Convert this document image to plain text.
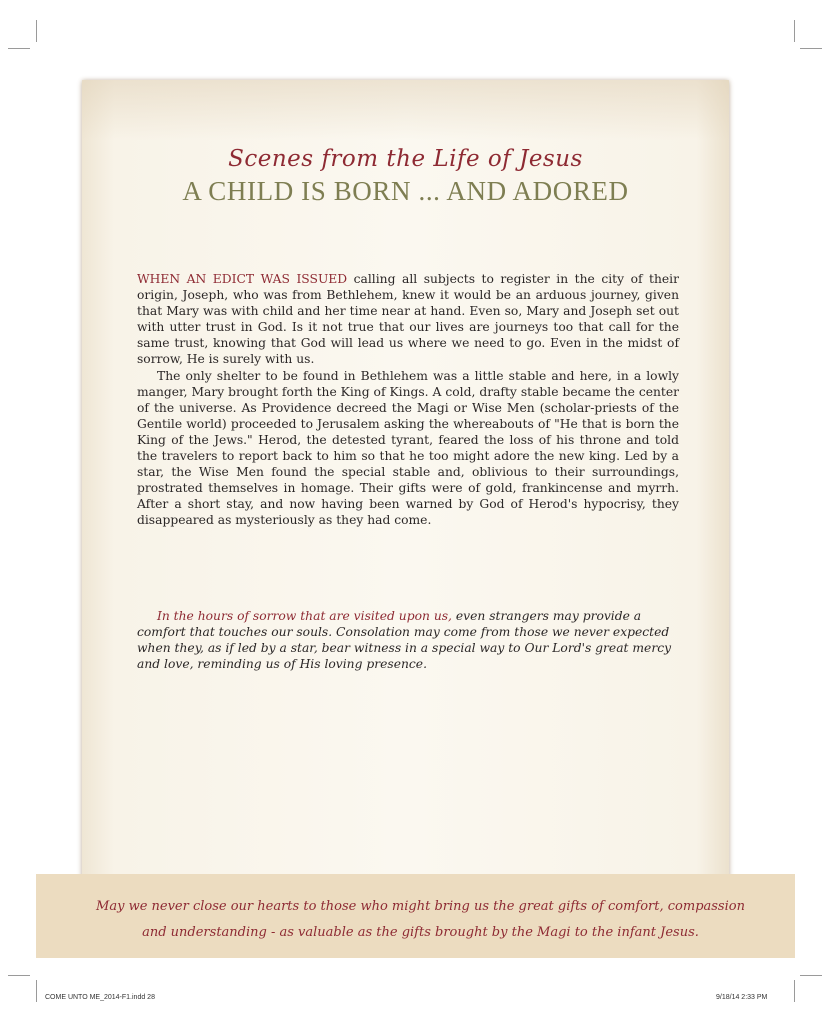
Scenes from the Life of Jesus
A CHILD IS BORN ... AND ADORED

WHEN AN EDICT WAS ISSUED calling all subjects to register in the city of their origin, Joseph, who was from Bethlehem, knew it would be an arduous journey, given that Mary was with child and her time near at hand. Even so, Mary and Joseph set out with utter trust in God. Is it not true that our lives are journeys too that call for the same trust, knowing that God will lead us where we need to go. Even in the midst of sorrow, He is surely with us.

The only shelter to be found in Bethlehem was a little stable and here, in a lowly manger, Mary brought forth the King of Kings. A cold, drafty stable became the center of the universe. As Providence decreed the Magi or Wise Men (scholar-priests of the Gentile world) proceeded to Jerusalem asking the whereabouts of "He that is born the King of the Jews." Herod, the detested tyrant, feared the loss of his throne and told the travelers to report back to him so that he too might adore the new king. Led by a star, the Wise Men found the special stable and, oblivious to their surroundings, prostrated themselves in homage. Their gifts were of gold, frankincense and myrrh. After a short stay, and now having been warned by God of Herod's hypocrisy, they disappeared as mysteriously as they had come.

In the hours of sorrow that are visited upon us, even strangers may provide a comfort that touches our souls. Consolation may come from those we never expected when they, as if led by a star, bear witness in a special way to Our Lord's great mercy and love, reminding us of His loving presence.
May we never close our hearts to those who might bring us the great gifts of comfort, compassion and understanding - as valuable as the gifts brought by the Magi to the infant Jesus.
COME UNTO ME_2014-F1.indd 28	9/18/14 2:33 PM
